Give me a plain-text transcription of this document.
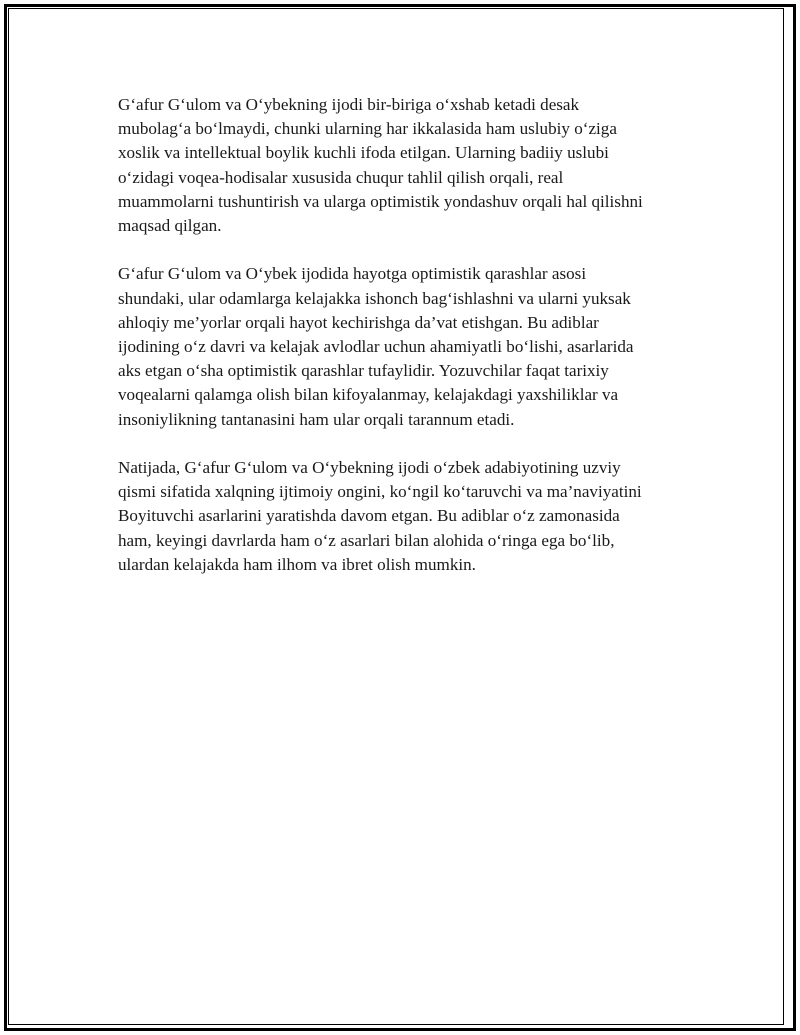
G‘afur G‘ulom va O‘ybekning ijodi bir-biriga o‘xshab ketadi desak
mubolag‘a bo‘lmaydi, chunki ularning har ikkalasida ham uslubiy o‘ziga
xoslik va intellektual boylik kuchli ifoda etilgan. Ularning badiiy uslubi
o‘zidagi voqea-hodisalar xususida chuqur tahlil qilish orqali, real
muammolarni tushuntirish va ularga optimistik yondashuv orqali hal qilishni
maqsad qilgan.

G‘afur G‘ulom va O‘ybek ijodida hayotga optimistik qarashlar asosi
shundaki, ular odamlarga kelajakka ishonch bag‘ishlashni va ularni yuksak
ahloqiy me’yorlar orqali hayot kechirishga da’vat etishgan. Bu adiblar
ijodining o‘z davri va kelajak avlodlar uchun ahamiyatli bo‘lishi, asarlarida
aks etgan o‘sha optimistik qarashlar tufaylidir. Yozuvchilar faqat tarixiy
voqealarni qalamga olish bilan kifoyalanmay, kelajakdagi yaxshiliklar va
insoniylikning tantanasini ham ular orqali tarannum etadi.

Natijada, G‘afur G‘ulom va O‘ybekning ijodi o‘zbek adabiyotining uzviy
qismi sifatida xalqning ijtimoiy ongini, ko‘ngil ko‘taruvchi va ma’naviyatini
Boyituvchi asarlarini yaratishda davom etgan. Bu adiblar o‘z zamonasida
ham, keyingi davrlarda ham o‘z asarlari bilan alohida o‘ringa ega bo‘lib,
ulardan kelajakda ham ilhom va ibret olish mumkin.
